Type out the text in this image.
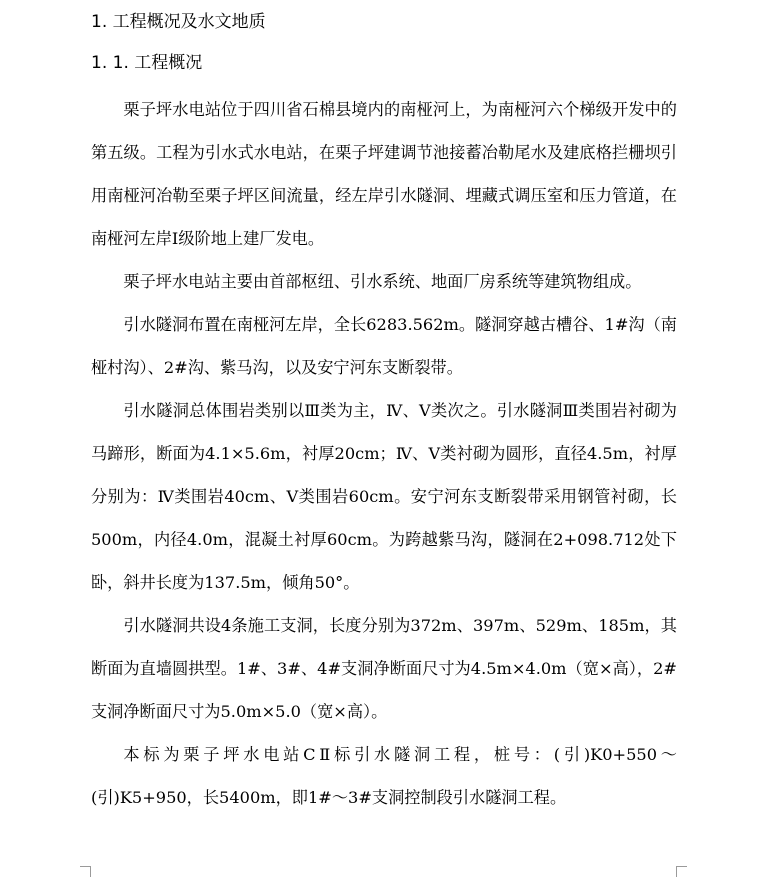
1. 工程概况及水文地质
1. 1. 工程概况

栗子坪水电站位于四川省石棉县境内的南桠河上，为南桠河六个梯级开发中的第五级。工程为引水式水电站，在栗子坪建调节池接蓄冶勒尾水及建底格拦栅坝引用南桠河冶勒至栗子坪区间流量，经左岸引水隧洞、埋藏式调压室和压力管道，在南桠河左岸Ⅰ级阶地上建厂发电。

栗子坪水电站主要由首部枢纽、引水系统、地面厂房系统等建筑物组成。

引水隧洞布置在南桠河左岸，全长6283.562m。隧洞穿越古槽谷、1#沟（南桠村沟）、2#沟、紫马沟，以及安宁河东支断裂带。

引水隧洞总体围岩类别以Ⅲ类为主，Ⅳ、Ⅴ类次之。引水隧洞Ⅲ类围岩衬砌为马蹄形，断面为4.1×5.6m，衬厚20cm；Ⅳ、Ⅴ类衬砌为圆形，直径4.5m，衬厚分别为：Ⅳ类围岩40cm、Ⅴ类围岩60cm。安宁河东支断裂带采用钢管衬砌，长500m，内径4.0m，混凝土衬厚60cm。为跨越紫马沟，隧洞在2+098.712处下卧，斜井长度为137.5m，倾角50°。

引水隧洞共设4条施工支洞，长度分别为372m、397m、529m、185m，其断面为直墙圆拱型。1#、3#、4#支洞净断面尺寸为4.5m×4.0m（宽×高），2#支洞净断面尺寸为5.0m×5.0（宽×高）。

本标为栗子坪水电站CⅡ标引水隧洞工程，桩号：(引)K0+550～(引)K5+950，长5400m，即1#～3#支洞控制段引水隧洞工程。
